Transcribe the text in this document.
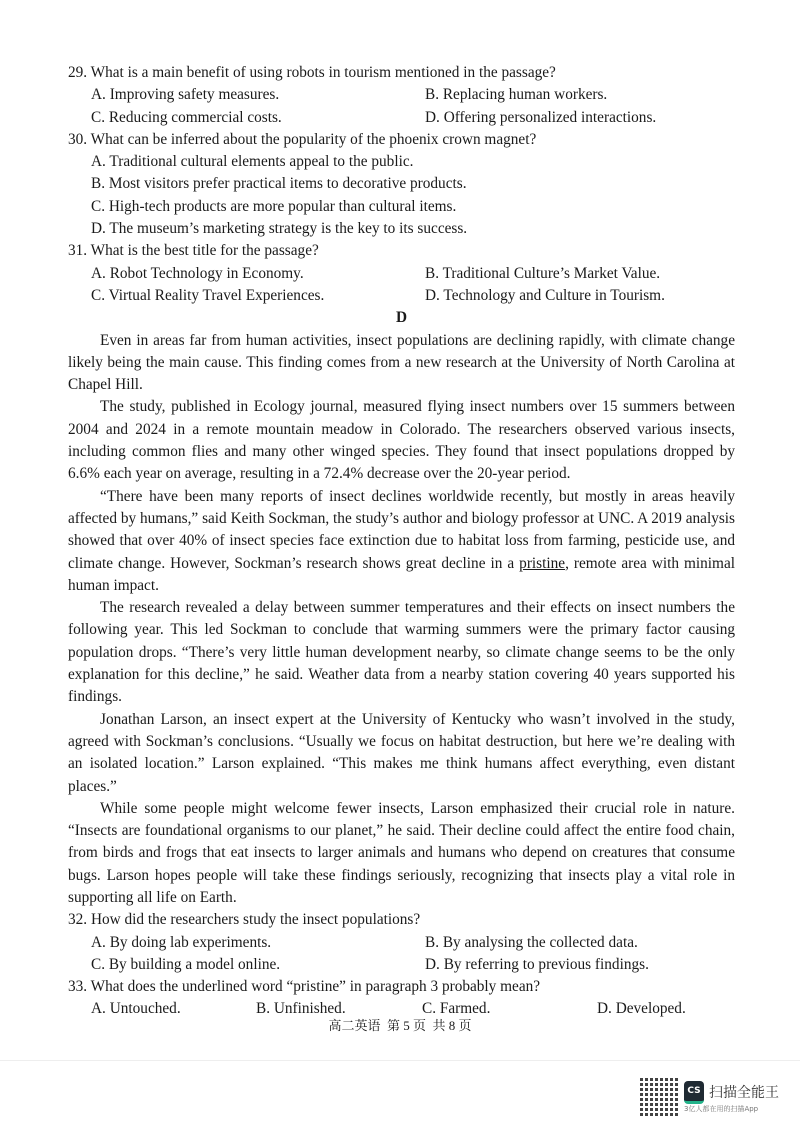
29. What is a main benefit of using robots in tourism mentioned in the passage?
A. Improving safety measures.	B. Replacing human workers.
C. Reducing commercial costs.	D. Offering personalized interactions.
30. What can be inferred about the popularity of the phoenix crown magnet?
A. Traditional cultural elements appeal to the public.
B. Most visitors prefer practical items to decorative products.
C. High-tech products are more popular than cultural items.
D. The museum’s marketing strategy is the key to its success.
31. What is the best title for the passage?
A. Robot Technology in Economy.	B. Traditional Culture’s Market Value.
C. Virtual Reality Travel Experiences.	D. Technology and Culture in Tourism.
D

Even in areas far from human activities, insect populations are declining rapidly, with climate change likely being the main cause. This finding comes from a new research at the University of North Carolina at Chapel Hill.

The study, published in Ecology journal, measured flying insect numbers over 15 summers between 2004 and 2024 in a remote mountain meadow in Colorado. The researchers observed various insects, including common flies and many other winged species. They found that insect populations dropped by 6.6% each year on average, resulting in a 72.4% decrease over the 20-year period.

“There have been many reports of insect declines worldwide recently, but mostly in areas heavily affected by humans,” said Keith Sockman, the study’s author and biology professor at UNC. A 2019 analysis showed that over 40% of insect species face extinction due to habitat loss from farming, pesticide use, and climate change. However, Sockman’s research shows great decline in a pristine, remote area with minimal human impact.

The research revealed a delay between summer temperatures and their effects on insect numbers the following year. This led Sockman to conclude that warming summers were the primary factor causing population drops. “There’s very little human development nearby, so climate change seems to be the only explanation for this decline,” he said. Weather data from a nearby station covering 40 years supported his findings.

Jonathan Larson, an insect expert at the University of Kentucky who wasn’t involved in the study, agreed with Sockman’s conclusions. “Usually we focus on habitat destruction, but here we’re dealing with an isolated location.” Larson explained. “This makes me think humans affect everything, even distant places.”

While some people might welcome fewer insects, Larson emphasized their crucial role in nature. “Insects are foundational organisms to our planet,” he said. Their decline could affect the entire food chain, from birds and frogs that eat insects to larger animals and humans who depend on creatures that consume bugs. Larson hopes people will take these findings seriously, recognizing that insects play a vital role in supporting all life on Earth.

32. How did the researchers study the insect populations?
A. By doing lab experiments.	B. By analysing the collected data.
C. By building a model online.	D. By referring to previous findings.
33. What does the underlined word “pristine” in paragraph 3 probably mean?
A. Untouched.	B. Unfinished.	C. Farmed.	D. Developed.
高二英语  第 5 页  共 8 页
CS 扫描全能王
3亿人都在用的扫描App
